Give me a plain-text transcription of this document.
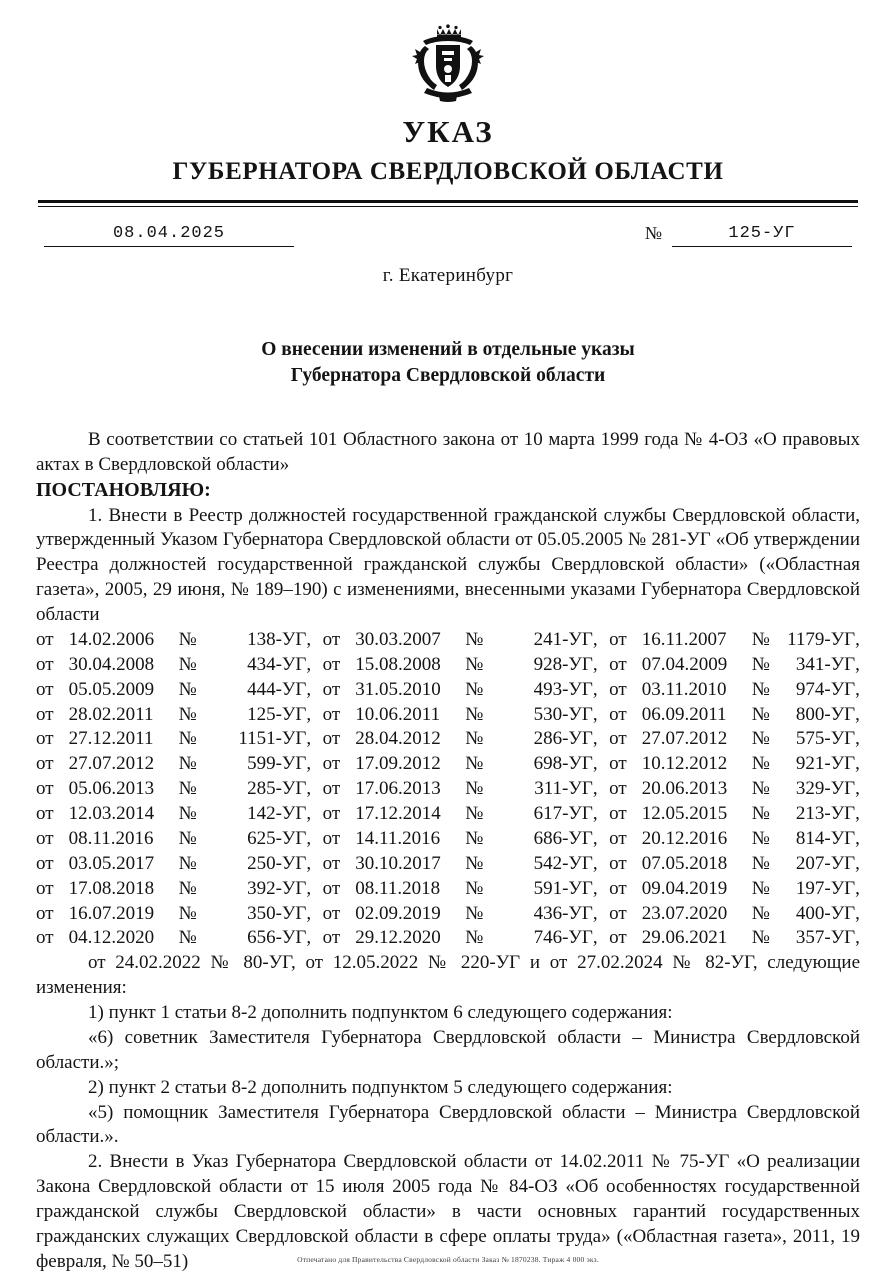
УКАЗ
ГУБЕРНАТОРА СВЕРДЛОВСКОЙ ОБЛАСТИ
08.04.2025	№	125-УГ
г. Екатеринбург
О внесении изменений в отдельные указы
Губернатора Свердловской области

В соответствии со статьей 101 Областного закона от 10 марта 1999 года № 4-ОЗ «О правовых актах в Свердловской области»

ПОСТАНОВЛЯЮ:

1. Внести в Реестр должностей государственной гражданской службы Свердловской области, утвержденный Указом Губернатора Свердловской области от 05.05.2005 № 281-УГ «Об утверждении Реестра должностей государственной гражданской службы Свердловской области» («Областная газета», 2005, 29 июня, № 189–190) с изменениями, внесенными указами Губернатора Свердловской области

от	14.02.2006	№	138-УГ	,	от	30.03.2007	№	241-УГ	,	от	16.11.2007	№	1179-УГ	,
от	30.04.2008	№	434-УГ	,	от	15.08.2008	№	928-УГ	,	от	07.04.2009	№	341-УГ	,
от	05.05.2009	№	444-УГ	,	от	31.05.2010	№	493-УГ	,	от	03.11.2010	№	974-УГ	,
от	28.02.2011	№	125-УГ	,	от	10.06.2011	№	530-УГ	,	от	06.09.2011	№	800-УГ	,
от	27.12.2011	№	1151-УГ	,	от	28.04.2012	№	286-УГ	,	от	27.07.2012	№	575-УГ	,
от	27.07.2012	№	599-УГ	,	от	17.09.2012	№	698-УГ	,	от	10.12.2012	№	921-УГ	,
от	05.06.2013	№	285-УГ	,	от	17.06.2013	№	311-УГ	,	от	20.06.2013	№	329-УГ	,
от	12.03.2014	№	142-УГ	,	от	17.12.2014	№	617-УГ	,	от	12.05.2015	№	213-УГ	,
от	08.11.2016	№	625-УГ	,	от	14.11.2016	№	686-УГ	,	от	20.12.2016	№	814-УГ	,
от	03.05.2017	№	250-УГ	,	от	30.10.2017	№	542-УГ	,	от	07.05.2018	№	207-УГ	,
от	17.08.2018	№	392-УГ	,	от	08.11.2018	№	591-УГ	,	от	09.04.2019	№	197-УГ	,
от	16.07.2019	№	350-УГ	,	от	02.09.2019	№	436-УГ	,	от	23.07.2020	№	400-УГ	,
от	04.12.2020	№	656-УГ	,	от	29.12.2020	№	746-УГ	,	от	29.06.2021	№	357-УГ	,

от 24.02.2022 № 80-УГ, от 12.05.2022 № 220-УГ и от 27.02.2024 № 82-УГ, следующие изменения:

1) пункт 1 статьи 8-2 дополнить подпунктом 6 следующего содержания:

«6) советник Заместителя Губернатора Свердловской области – Министра Свердловской области.»;

2) пункт 2 статьи 8-2 дополнить подпунктом 5 следующего содержания:

«5) помощник Заместителя Губернатора Свердловской области – Министра Свердловской области.».

2. Внести в Указ Губернатора Свердловской области от 14.02.2011 № 75-УГ «О реализации Закона Свердловской области от 15 июля 2005 года № 84-ОЗ «Об особенностях государственной гражданской службы Свердловской области» в части основных гарантий государственных гражданских служащих Свердловской области в сфере оплаты труда» («Областная газета», 2011, 19 февраля, № 50–51)	Отпечатано для Правительства Свердловской области Заказ № 1870238. Тираж 4 000 экз.
